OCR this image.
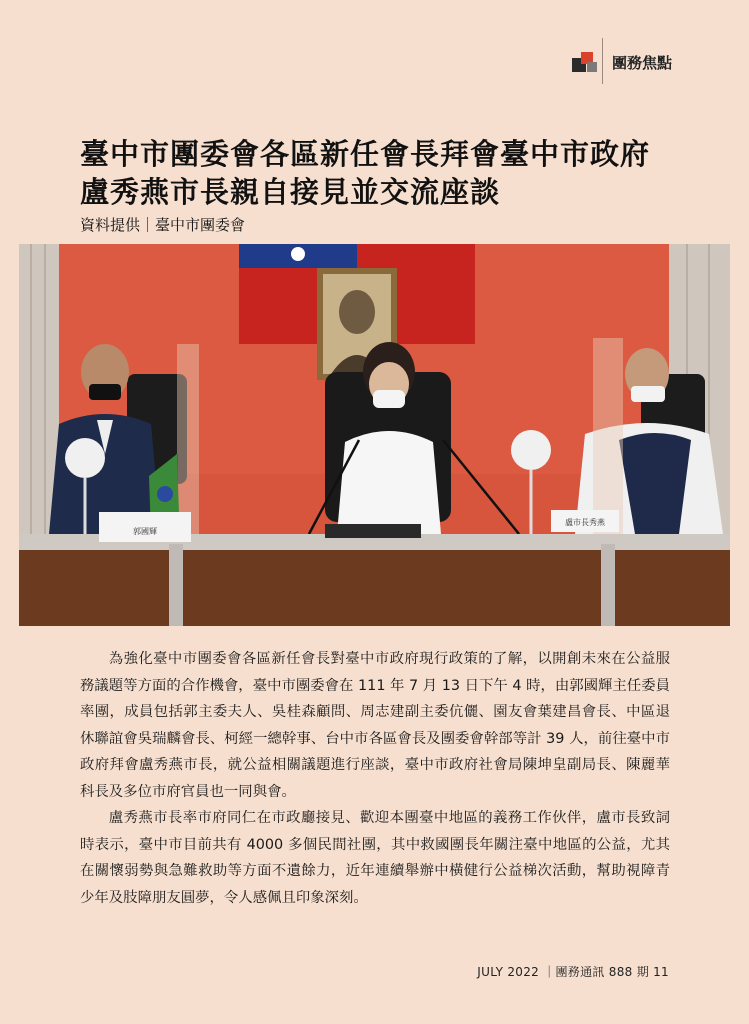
團務焦點
臺中市團委會各區新任會長拜會臺中市政府
盧秀燕市長親自接見並交流座談
資料提供｜臺中市團委會
郭國輝
盧市長秀燕

為強化臺中市團委會各區新任會長對臺中市政府現行政策的了解，以開創未來在公益服務議題等方面的合作機會，臺中市團委會在 111 年 7 月 13 日下午 4 時，由郭國輝主任委員率團，成員包括郭主委夫人、吳桂森顧問、周志建副主委伉儷、園友會葉建昌會長、中區退休聯誼會吳瑞麟會長、柯經一總幹事、台中市各區會長及團委會幹部等計 39 人，前往臺中市政府拜會盧秀燕市長，就公益相關議題進行座談，臺中市政府社會局陳坤皇副局長、陳麗華科長及多位市府官員也一同與會。

盧秀燕市長率市府同仁在市政廳接見、歡迎本團臺中地區的義務工作伙伴，盧市長致詞時表示，臺中市目前共有 4000 多個民間社團，其中救國團長年關注臺中地區的公益，尤其在關懷弱勢與急難救助等方面不遺餘力，近年連續舉辦中橫健行公益梯次活動，幫助視障青少年及肢障朋友圓夢，令人感佩且印象深刻。

JULY 2022 ｜團務通訊 888 期 11
